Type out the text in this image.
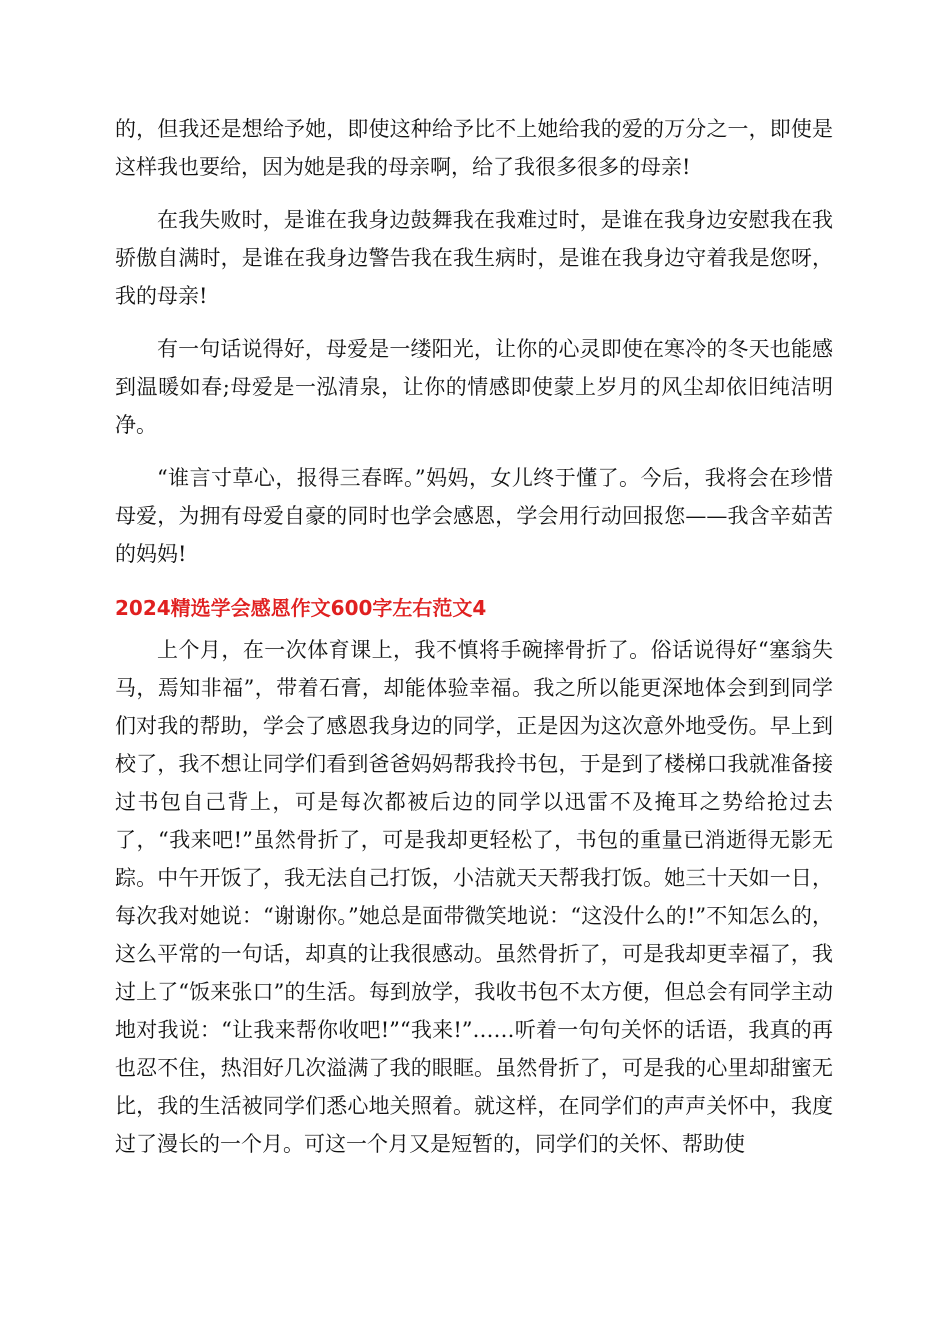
的，但我还是想给予她，即使这种给予比不上她给我的爱的万分之一，即使是这样我也要给，因为她是我的母亲啊，给了我很多很多的母亲!

在我失败时，是谁在我身边鼓舞我在我难过时，是谁在我身边安慰我在我骄傲自满时，是谁在我身边警告我在我生病时，是谁在我身边守着我是您呀，我的母亲!

有一句话说得好，母爱是一缕阳光，让你的心灵即使在寒冷的冬天也能感到温暖如春;母爱是一泓清泉，让你的情感即使蒙上岁月的风尘却依旧纯洁明净。

“谁言寸草心，报得三春晖。”妈妈，女儿终于懂了。今后，我将会在珍惜母爱，为拥有母爱自豪的同时也学会感恩，学会用行动回报您——我含辛茹苦的妈妈!

2024精选学会感恩作文600字左右范文4

上个月，在一次体育课上，我不慎将手碗摔骨折了。俗话说得好“塞翁失马，焉知非福”，带着石膏，却能体验幸福。我之所以能更深地体会到到同学们对我的帮助，学会了感恩我身边的同学，正是因为这次意外地受伤。早上到校了，我不想让同学们看到爸爸妈妈帮我拎书包，于是到了楼梯口我就准备接过书包自己背上，可是每次都被后边的同学以迅雷不及掩耳之势给抢过去了，“我来吧!”虽然骨折了，可是我却更轻松了，书包的重量已消逝得无影无踪。中午开饭了，我无法自己打饭，小洁就天天帮我打饭。她三十天如一日，每次我对她说：“谢谢你。”她总是面带微笑地说：“这没什么的!”不知怎么的，这么平常的一句话，却真的让我很感动。虽然骨折了，可是我却更幸福了，我过上了“饭来张口”的生活。每到放学，我收书包不太方便，但总会有同学主动地对我说：“让我来帮你收吧!”“我来!”……听着一句句关怀的话语，我真的再也忍不住，热泪好几次溢满了我的眼眶。虽然骨折了，可是我的心里却甜蜜无比，我的生活被同学们悉心地关照着。就这样，在同学们的声声关怀中，我度过了漫长的一个月。可这一个月又是短暂的，同学们的关怀、帮助使
